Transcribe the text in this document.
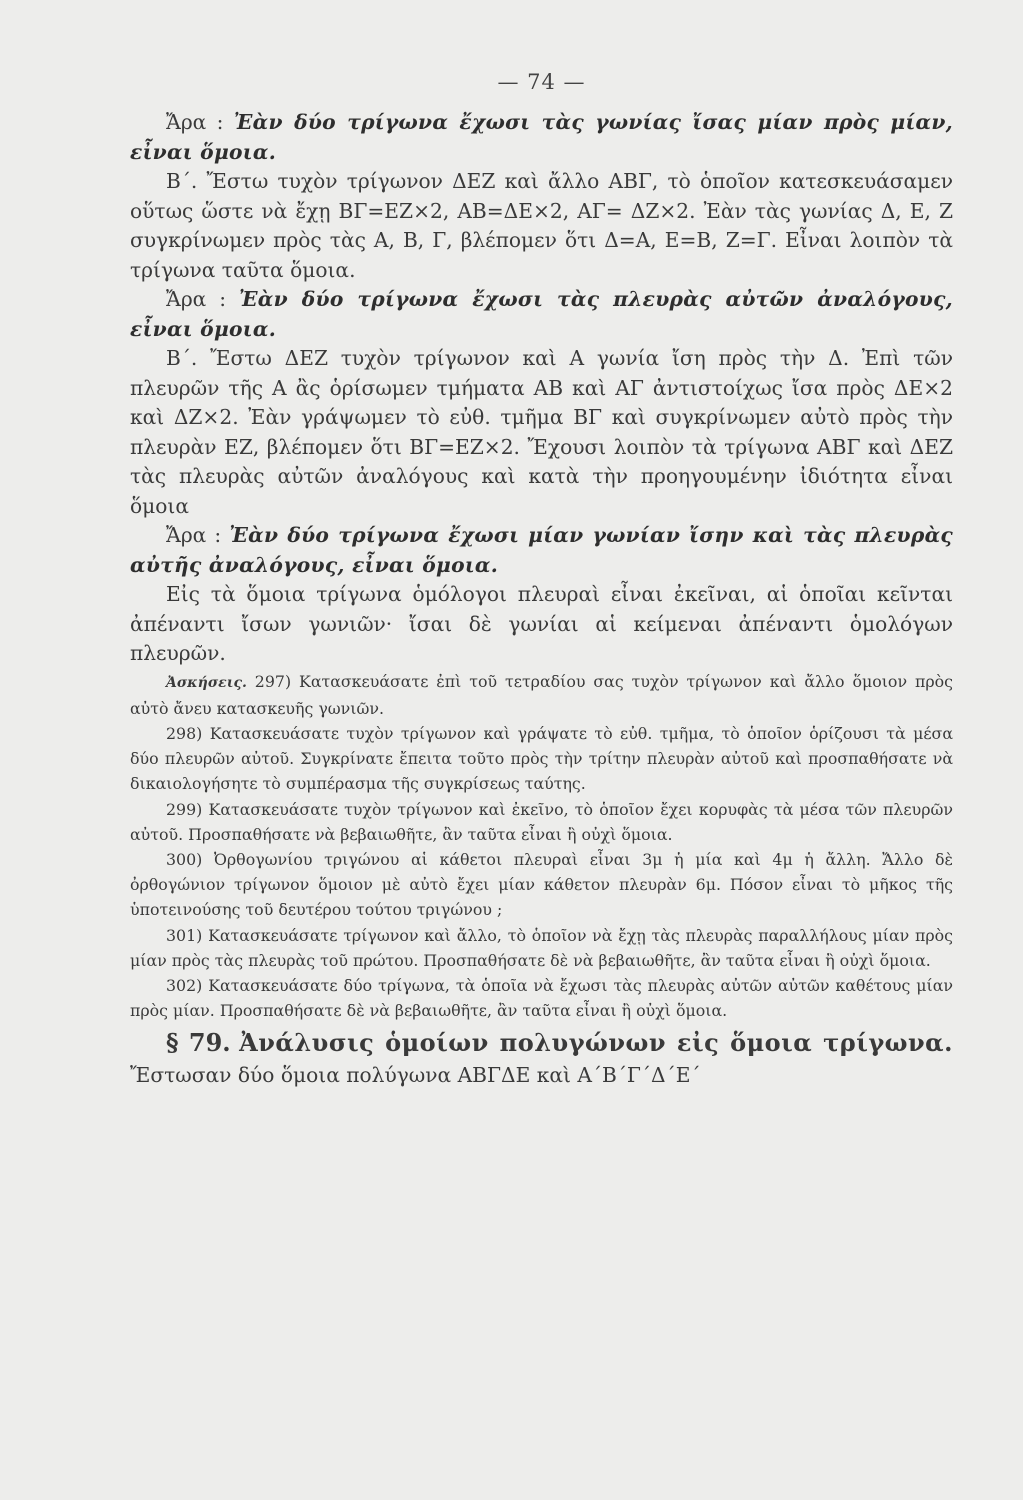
— 74 —

Ἄρα : Ἐὰν δύο τρίγωνα ἔχωσι τὰς γωνίας ἴσας μίαν πρὸς μίαν, εἶναι ὅμοια.

Β΄. Ἔστω τυχὸν τρίγωνον ΔΕΖ καὶ ἄλλο ΑΒΓ, τὸ ὁποῖον κατεσκευάσαμεν οὕτως ὥστε νὰ ἔχῃ ΒΓ=ΕΖ×2, ΑΒ=ΔΕ×2, ΑΓ= ΔΖ×2. Ἐὰν τὰς γωνίας Δ, Ε, Ζ συγκρίνωμεν πρὸς τὰς Α, Β, Γ, βλέπομεν ὅτι Δ=Α, Ε=Β, Ζ=Γ. Εἶναι λοιπὸν τὰ τρίγωνα ταῦτα ὅμοια.

Ἄρα : Ἐὰν δύο τρίγωνα ἔχωσι τὰς πλευρὰς αὐτῶν ἀναλόγους, εἶναι ὅμοια.

Β΄. Ἔστω ΔΕΖ τυχὸν τρίγωνον καὶ Α γωνία ἴση πρὸς τὴν Δ. Ἐπὶ τῶν πλευρῶν τῆς Α ἂς ὁρίσωμεν τμήματα ΑΒ καὶ ΑΓ ἀντιστοίχως ἴσα πρὸς ΔΕ×2 καὶ ΔΖ×2. Ἐὰν γράψωμεν τὸ εὐθ. τμῆμα ΒΓ καὶ συγκρίνωμεν αὐτὸ πρὸς τὴν πλευρὰν ΕΖ, βλέπομεν ὅτι ΒΓ=ΕΖ×2. Ἔχουσι λοιπὸν τὰ τρίγωνα ΑΒΓ καὶ ΔΕΖ τὰς πλευρὰς αὐτῶν ἀναλόγους καὶ κατὰ τὴν προηγουμένην ἰδιότητα εἶναι ὅμοια

Ἄρα : Ἐὰν δύο τρίγωνα ἔχωσι μίαν γωνίαν ἴσην καὶ τὰς πλευρὰς αὐτῆς ἀναλόγους, εἶναι ὅμοια.

Εἰς τὰ ὅμοια τρίγωνα ὁμόλογοι πλευραὶ εἶναι ἐκεῖναι, αἱ ὁποῖαι κεῖνται ἀπέναντι ἴσων γωνιῶν· ἴσαι δὲ γωνίαι αἱ κείμεναι ἀπέναντι ὁμολόγων πλευρῶν.

Ἀσκήσεις. 297) Κατασκευάσατε ἐπὶ τοῦ τετραδίου σας τυχὸν τρίγωνον καὶ ἄλλο ὅμοιον πρὸς αὐτὸ ἄνευ κατασκευῆς γωνιῶν.

298) Κατασκευάσατε τυχὸν τρίγωνον καὶ γράψατε τὸ εὐθ. τμῆμα, τὸ ὁποῖον ὁρίζουσι τὰ μέσα δύο πλευρῶν αὐτοῦ. Συγκρίνατε ἔπειτα τοῦτο πρὸς τὴν τρίτην πλευρὰν αὐτοῦ καὶ προσπαθήσατε νὰ δικαιολογήσητε τὸ συμπέρασμα τῆς συγκρίσεως ταύτης.

299) Κατασκευάσατε τυχὸν τρίγωνον καὶ ἐκεῖνο, τὸ ὁποῖον ἔχει κορυφὰς τὰ μέσα τῶν πλευρῶν αὐτοῦ. Προσπαθήσατε νὰ βεβαιωθῆτε, ἂν ταῦτα εἶναι ἢ οὐχὶ ὅμοια.

300) Ὀρθογωνίου τριγώνου αἱ κάθετοι πλευραὶ εἶναι 3μ ἡ μία καὶ 4μ ἡ ἄλλη. Ἄλλο δὲ ὀρθογώνιον τρίγωνον ὅμοιον μὲ αὐτὸ ἔχει μίαν κάθετον πλευρὰν 6μ. Πόσον εἶναι τὸ μῆκος τῆς ὑποτεινούσης τοῦ δευτέρου τούτου τριγώνου ;

301) Κατασκευάσατε τρίγωνον καὶ ἄλλο, τὸ ὁποῖον νὰ ἔχῃ τὰς πλευρὰς παραλλήλους μίαν πρὸς μίαν πρὸς τὰς πλευρὰς τοῦ πρώτου. Προσπαθήσατε δὲ νὰ βεβαιωθῆτε, ἂν ταῦτα εἶναι ἢ οὐχὶ ὅμοια.

302) Κατασκευάσατε δύο τρίγωνα, τὰ ὁποῖα νὰ ἔχωσι τὰς πλευρὰς αὐτῶν αὐτῶν καθέτους μίαν πρὸς μίαν. Προσπαθήσατε δὲ νὰ βεβαιωθῆτε, ἂν ταῦτα εἶναι ἢ οὐχὶ ὅμοια.

§ 79. Ἀνάλυσις ὁμοίων πολυγώνων εἰς ὅμοια τρίγωνα. Ἔστωσαν δύο ὅμοια πολύγωνα ΑΒΓΔΕ καὶ Α΄Β΄Γ΄Δ΄Ε΄
